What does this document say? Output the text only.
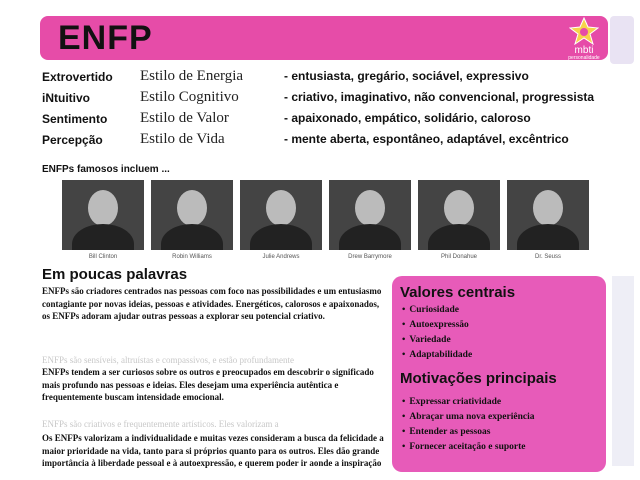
ENFP	mbti
personalidade
Extrovertido Estilo de Energia	- entusiasta, gregário, sociável, expressivo
iNtuitivo	Estilo Cognitivo	- criativo, imaginativo, não convencional, progressista
Sentimento Estilo de Valor	- apaixonado, empático, solidário, caloroso
Percepção Estilo de Vida	- mente aberta, espontâneo, adaptável, excêntrico
ENFPs famosos incluem ...
Bill Clinton	Robin Williams	Julie Andrews	Drew Barrymore	Phil Donahue	Dr. Seuss
Em poucas palavras
ENFPs são criadores centrados nas pessoas com foco nas possibilidades e um entusiasmo contagiante por novas ideias, pessoas e atividades. Energéticos, calorosos e apaixonados, os ENFPs adoram ajudar outras pessoas a explorar seu potencial criativo.
ENFPs são sensíveis, altruístas e compassivos, e estão profundamente
ENFPs tendem a ser curiosos sobre os outros e preocupados em descobrir o significado mais profundo nas pessoas e ideias. Eles desejam uma experiência autêntica e frequentemente buscam intensidade emocional.
ENFPs são criativos e frequentemente artísticos. Eles valorizam a
Os ENFPs valorizam a individualidade e muitas vezes consideram a busca da felicidade a maior prioridade na vida, tanto para si próprios quanto para os outros. Eles dão grande importância à liberdade pessoal e à autoexpressão, e querem poder ir aonde a inspiração
Valores centrais
• Curiosidade
• Autoexpressão
• Variedade
• Adaptabilidade
Motivações principais
• Expressar criatividade
• Abraçar uma nova experiência
• Entender as pessoas
• Fornecer aceitação e suporte
